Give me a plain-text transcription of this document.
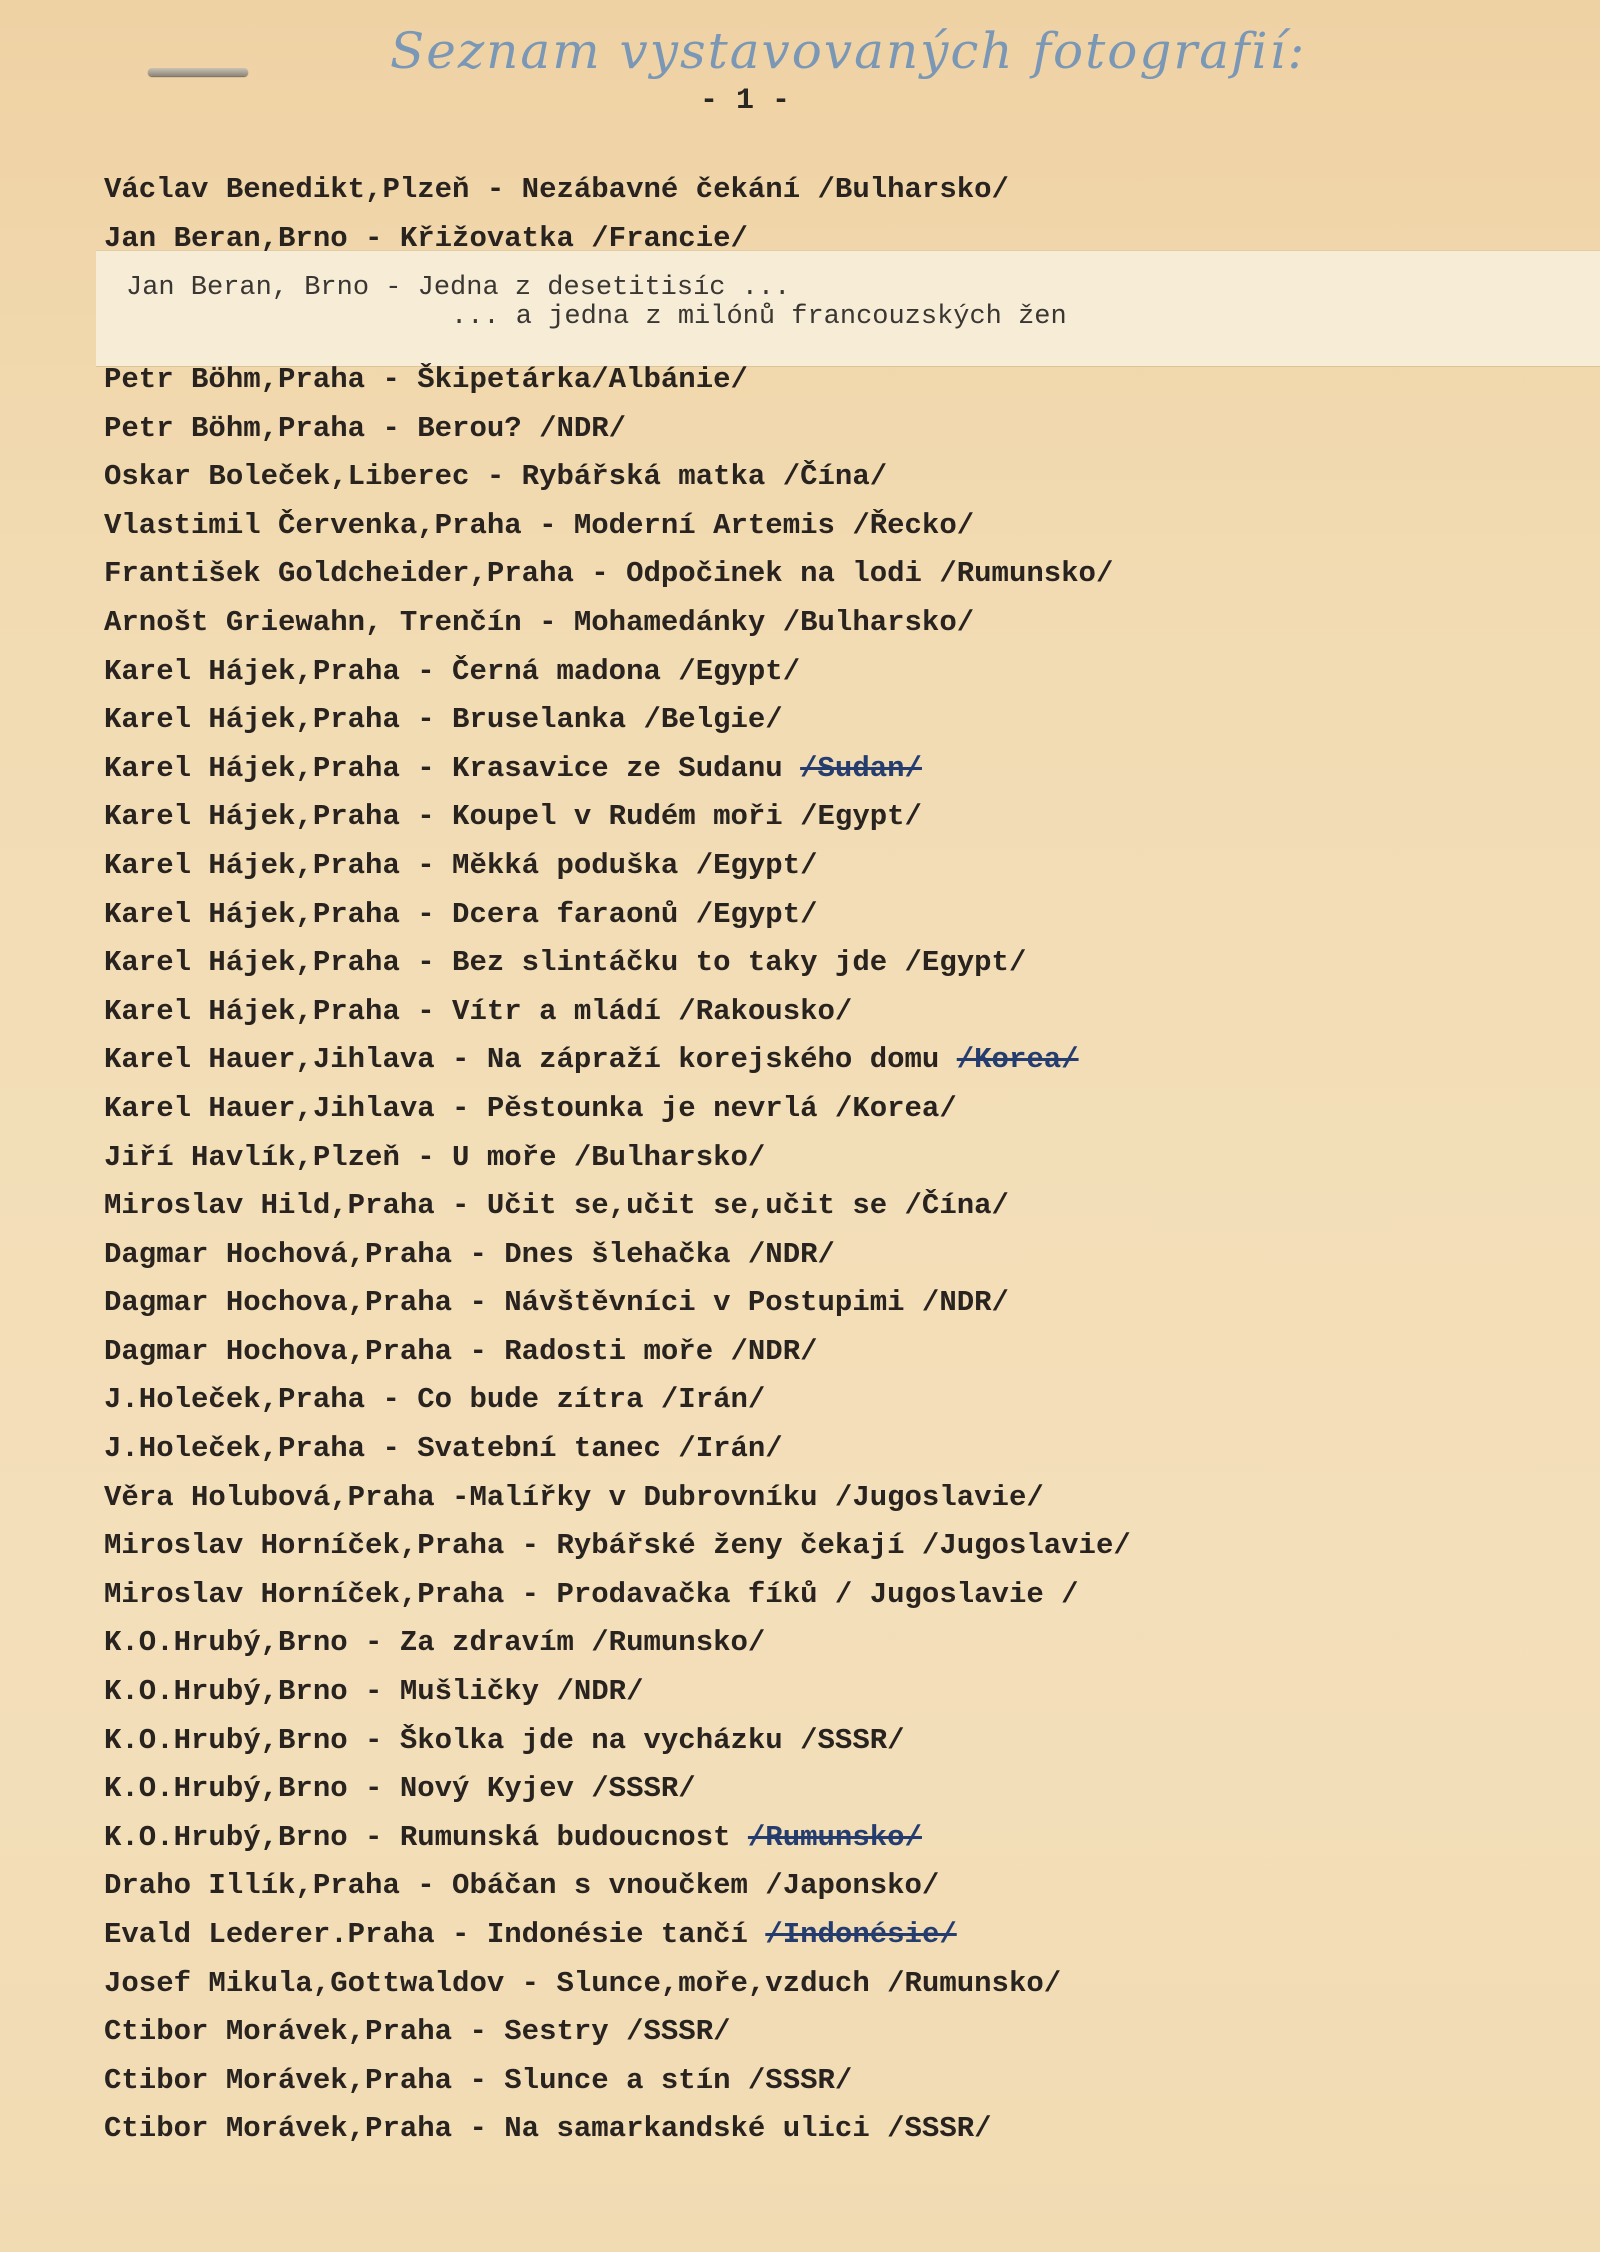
Seznam vystavovaných fotografií:
- 1 -
Jan Beran, Brno - Jedna z desetitisíc ...
... a jedna z milónů francouzských žen
Václav Benedikt,Plzeň - Nezábavné čekání /Bulharsko/
Jan Beran,Brno - Křižovatka /Francie/
Petr Böhm,Praha - Škipetárka/Albánie/
Petr Böhm,Praha - Berou? /NDR/
Oskar Boleček,Liberec - Rybářská matka /Čína/
Vlastimil Červenka,Praha - Moderní Artemis /Řecko/
František Goldcheider,Praha - Odpočinek na lodi /Rumunsko/
Arnošt Griewahn, Trenčín - Mohamedánky /Bulharsko/
Karel Hájek,Praha - Černá madona /Egypt/
Karel Hájek,Praha - Bruselanka /Belgie/
Karel Hájek,Praha - Krasavice ze Sudanu /Sudan/
Karel Hájek,Praha - Koupel v Rudém moři /Egypt/
Karel Hájek,Praha - Měkká poduška /Egypt/
Karel Hájek,Praha - Dcera faraonů /Egypt/
Karel Hájek,Praha - Bez slintáčku to taky jde /Egypt/
Karel Hájek,Praha - Vítr a mládí /Rakousko/
Karel Hauer,Jihlava - Na zápraží korejského domu /Korea/
Karel Hauer,Jihlava - Pěstounka je nevrlá /Korea/
Jiří Havlík,Plzeň - U moře /Bulharsko/
Miroslav Hild,Praha - Učit se,učit se,učit se /Čína/
Dagmar Hochová,Praha - Dnes šlehačka /NDR/
Dagmar Hochova,Praha - Návštěvníci v Postupimi /NDR/
Dagmar Hochova,Praha - Radosti moře /NDR/
J.Holeček,Praha - Co bude zítra /Irán/
J.Holeček,Praha - Svatební tanec /Irán/
Věra Holubová,Praha -Malířky v Dubrovníku /Jugoslavie/
Miroslav Horníček,Praha - Rybářské ženy čekají /Jugoslavie/
Miroslav Horníček,Praha - Prodavačka fíků / Jugoslavie /
K.O.Hrubý,Brno - Za zdravím /Rumunsko/
K.O.Hrubý,Brno - Mušličky /NDR/
K.O.Hrubý,Brno - Školka jde na vycházku /SSSR/
K.O.Hrubý,Brno - Nový Kyjev /SSSR/
K.O.Hrubý,Brno - Rumunská budoucnost /Rumunsko/
Draho Illík,Praha - Obáčan s vnoučkem /Japonsko/
Evald Lederer.Praha - Indonésie tančí /Indonésie/
Josef Mikula,Gottwaldov - Slunce,moře,vzduch /Rumunsko/
Ctibor Morávek,Praha - Sestry /SSSR/
Ctibor Morávek,Praha - Slunce a stín /SSSR/
Ctibor Morávek,Praha - Na samarkandské ulici /SSSR/
